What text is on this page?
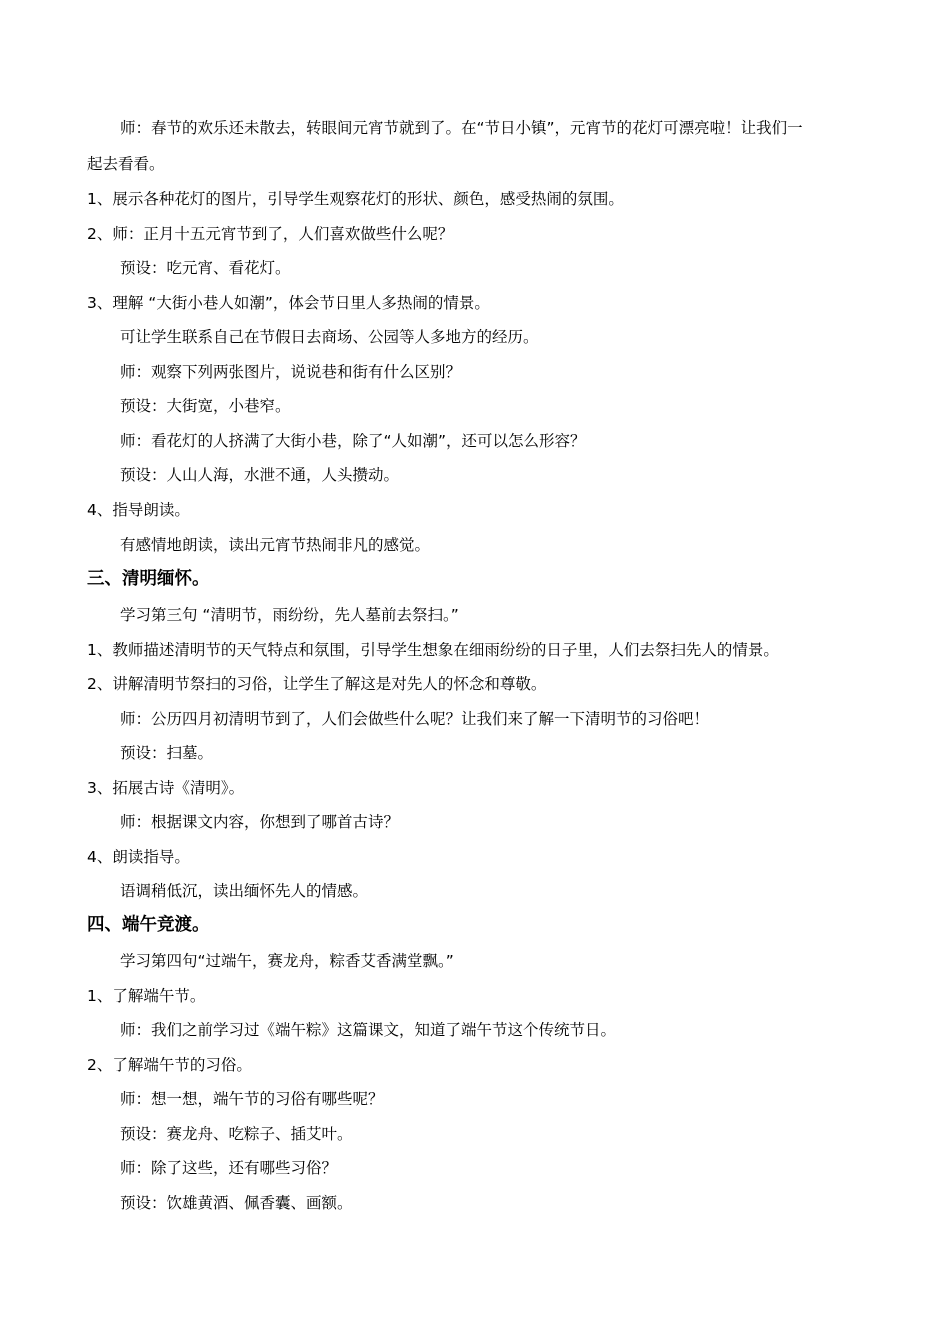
师：春节的欢乐还未散去，转眼间元宵节就到了。在“节日小镇”，元宵节的花灯可漂亮啦！让我们一
起去看看。
1、展示各种花灯的图片，引导学生观察花灯的形状、颜色，感受热闹的氛围。
2、师：正月十五元宵节到了，人们喜欢做些什么呢？
预设：吃元宵、看花灯。
3、理解 “大街小巷人如潮”，体会节日里人多热闹的情景。
可让学生联系自己在节假日去商场、公园等人多地方的经历。
师：观察下列两张图片，说说巷和街有什么区别？
预设：大街宽，小巷窄。
师：看花灯的人挤满了大街小巷，除了“人如潮”，还可以怎么形容？
预设：人山人海，水泄不通，人头攒动。
4、指导朗读。
有感情地朗读，读出元宵节热闹非凡的感觉。
三、清明缅怀。
学习第三句 “清明节，雨纷纷，先人墓前去祭扫。”
1、教师描述清明节的天气特点和氛围，引导学生想象在细雨纷纷的日子里，人们去祭扫先人的情景。
2、讲解清明节祭扫的习俗，让学生了解这是对先人的怀念和尊敬。
师：公历四月初清明节到了，人们会做些什么呢？让我们来了解一下清明节的习俗吧！
预设：扫墓。
3、拓展古诗《清明》。
师：根据课文内容，你想到了哪首古诗？
4、朗读指导。
语调稍低沉，读出缅怀先人的情感。
四、端午竞渡。
学习第四句“过端午，赛龙舟，粽香艾香满堂飘。”
1、了解端午节。
师：我们之前学习过《端午粽》这篇课文，知道了端午节这个传统节日。
2、了解端午节的习俗。
师：想一想，端午节的习俗有哪些呢？
预设：赛龙舟、吃粽子、插艾叶。
师：除了这些，还有哪些习俗？
预设：饮雄黄酒、佩香囊、画额。
